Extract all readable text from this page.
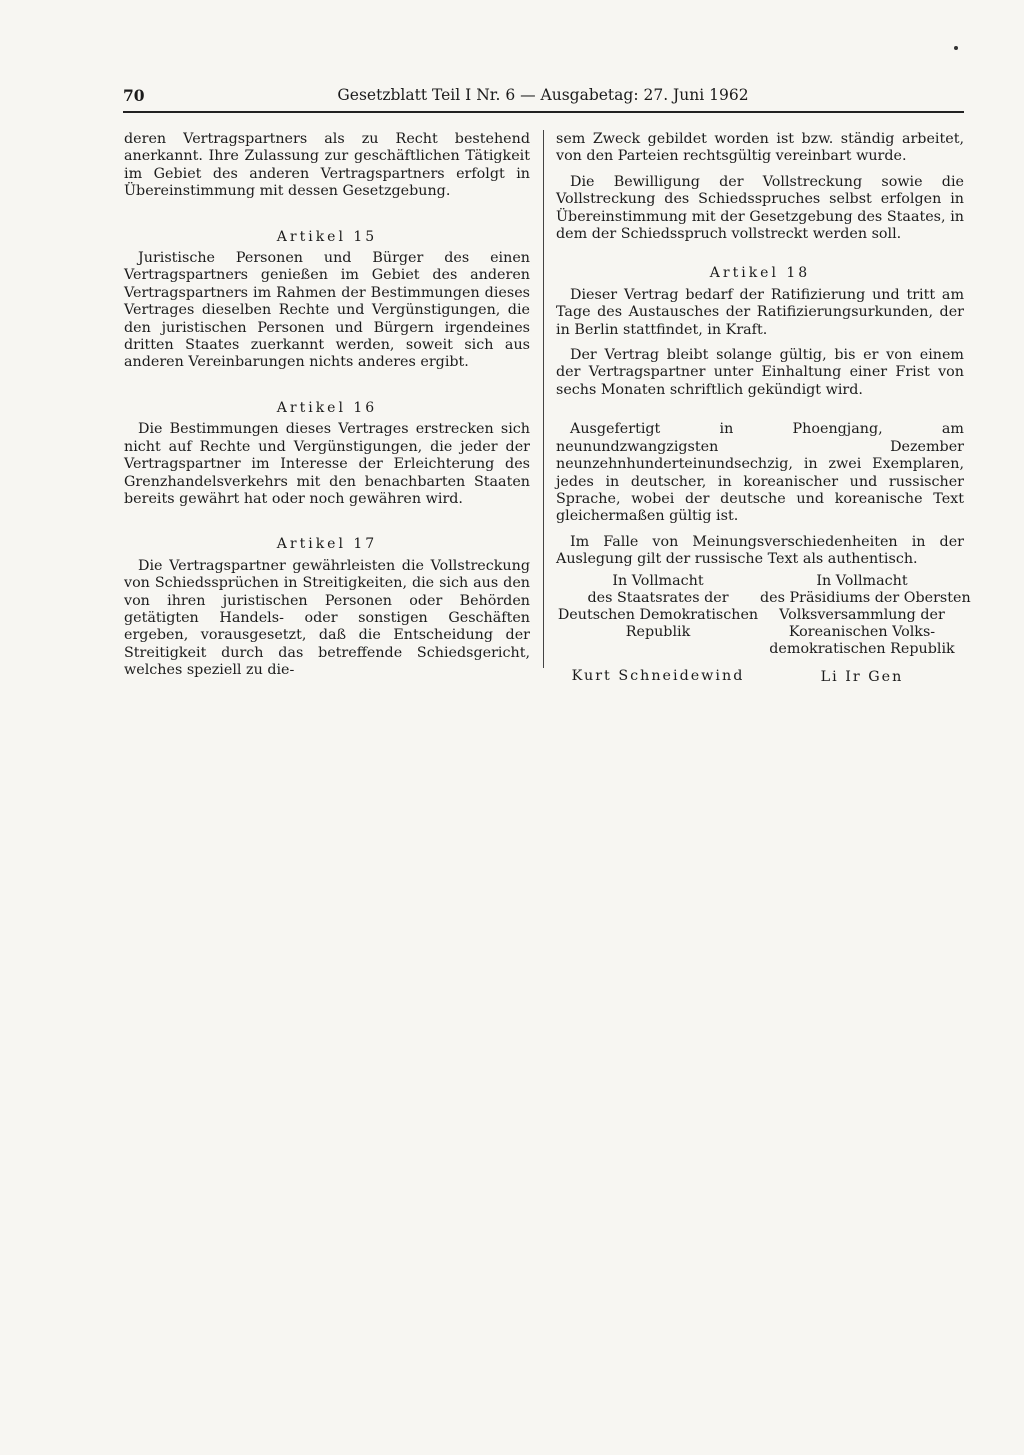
70	Gesetzblatt Teil I Nr. 6 — Ausgabetag: 27. Juni 1962

deren Vertragspartners als zu Recht bestehend anerkannt. Ihre Zulassung zur geschäftlichen Tätigkeit im Gebiet des anderen Vertragspartners erfolgt in Übereinstimmung mit dessen Gesetzgebung.

Artikel 15

Juristische Personen und Bürger des einen Vertragspartners genießen im Gebiet des anderen Vertragspartners im Rahmen der Bestimmungen dieses Vertrages dieselben Rechte und Vergünstigungen, die den juristischen Personen und Bürgern irgendeines dritten Staates zuerkannt werden, soweit sich aus anderen Vereinbarungen nichts anderes ergibt.

Artikel 16

Die Bestimmungen dieses Vertrages erstrecken sich nicht auf Rechte und Vergünstigungen, die jeder der Vertragspartner im Interesse der Erleichterung des Grenzhandelsverkehrs mit den benachbarten Staaten bereits gewährt hat oder noch gewähren wird.

Artikel 17

Die Vertragspartner gewährleisten die Vollstreckung von Schiedssprüchen in Streitigkeiten, die sich aus den von ihren juristischen Personen oder Behörden getätigten Handels- oder sonstigen Geschäften ergeben, vorausgesetzt, daß die Entscheidung der Streitigkeit durch das betreffende Schiedsgericht, welches speziell zu die-

sem Zweck gebildet worden ist bzw. ständig arbeitet, von den Parteien rechtsgültig vereinbart wurde.

Die Bewilligung der Vollstreckung sowie die Vollstreckung des Schiedsspruches selbst erfolgen in Übereinstimmung mit der Gesetzgebung des Staates, in dem der Schiedsspruch vollstreckt werden soll.

Artikel 18

Dieser Vertrag bedarf der Ratifizierung und tritt am Tage des Austausches der Ratifizierungsurkunden, der in Berlin stattfindet, in Kraft.

Der Vertrag bleibt solange gültig, bis er von einem der Vertragspartner unter Einhaltung einer Frist von sechs Monaten schriftlich gekündigt wird.

Ausgefertigt in Phoengjang, am neunundzwangzigsten Dezember neunzehnhunderteinundsechzig, in zwei Exemplaren, jedes in deutscher, in koreanischer und russischer Sprache, wobei der deutsche und koreanische Text gleichermaßen gültig ist.

Im Falle von Meinungsverschiedenheiten in der Auslegung gilt der russische Text als authentisch.

In Vollmacht
des Staatsrates der
Deutschen Demokratischen
Republik
Kurt Schneidewind
In Vollmacht
des Präsidiums der Obersten
Volksversammlung der
Koreanischen Volks-
demokratischen Republik
Li Ir Gen
